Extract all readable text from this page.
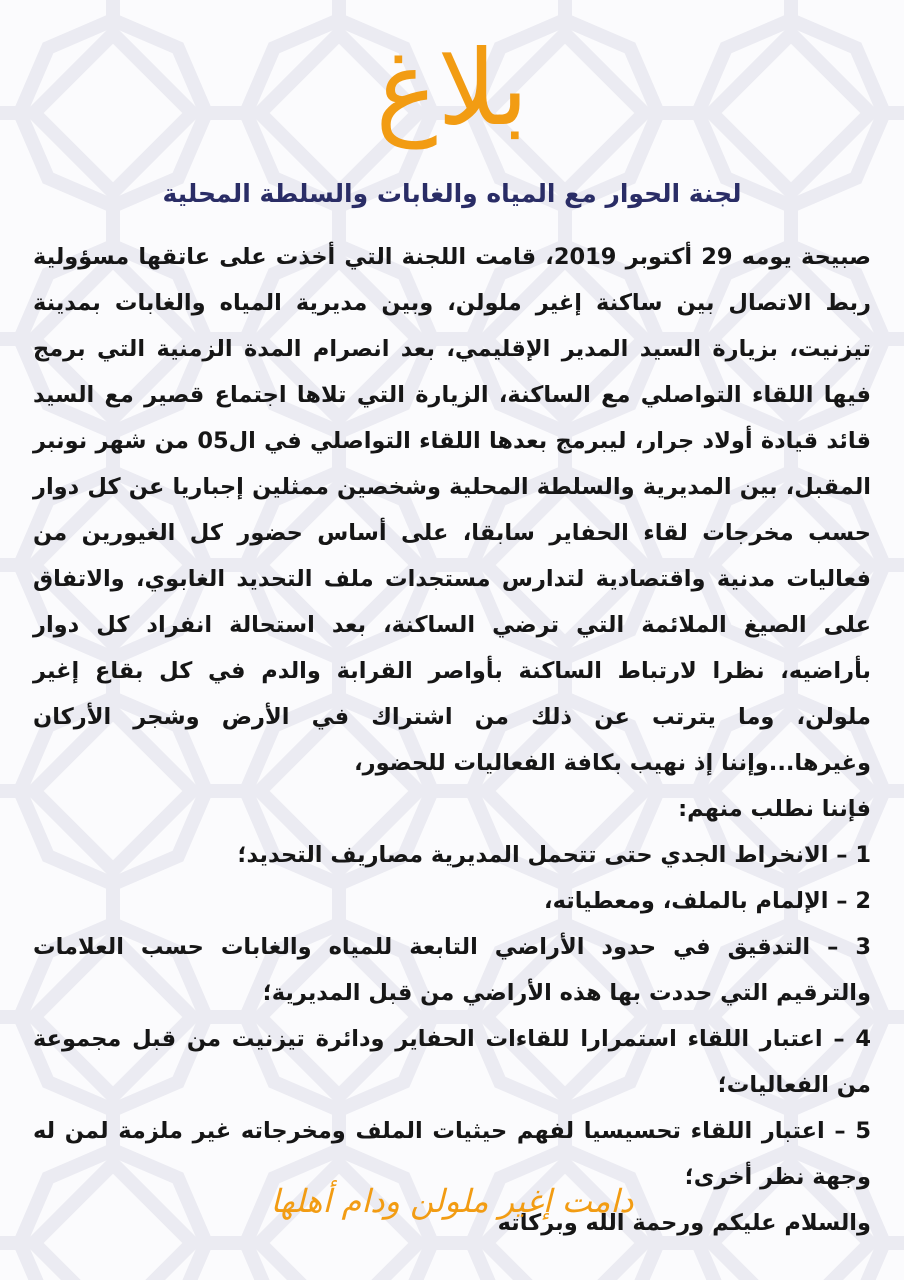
بلاغ
لجنة الحوار مع المياه والغابات والسلطة المحلية

صبيحة يومه 29 أكتوبر 2019، قامت اللجنة التي أخذت على عاتقها مسؤولية ربط الاتصال بين ساكنة إغير ملولن، وبين مديرية المياه والغابات بمدينة تيزنيت، بزيارة السيد المدير الإقليمي، بعد انصرام المدة الزمنية التي برمج فيها اللقاء التواصلي مع الساكنة، الزيارة التي تلاها اجتماع قصير مع السيد قائد قيادة أولاد جرار، ليبرمج بعدها اللقاء التواصلي في ال05 من شهر نونبر المقبل، بين المديرية والسلطة المحلية وشخصين ممثلين إجباريا عن كل دوار حسب مخرجات لقاء الحفاير سابقا، على أساس حضور كل الغيورين من فعاليات مدنية واقتصادية لتدارس مستجدات ملف التحديد الغابوي، والاتفاق على الصيغ الملائمة التي ترضي الساكنة، بعد استحالة انفراد كل دوار بأراضيه، نظرا لارتباط الساكنة بأواصر القرابة والدم في كل بقاع إغير ملولن، وما يترتب عن ذلك من اشتراك في الأرض وشجر الأركان وغيرها...وإننا إذ نهيب بكافة الفعاليات للحضور،

فإننا نطلب منهم:

1 – الانخراط الجدي حتى تتحمل المديرية مصاريف التحديد؛

2 – الإلمام بالملف، ومعطياته،

3 – التدقيق في حدود الأراضي التابعة للمياه والغابات حسب العلامات والترقيم التي حددت بها هذه الأراضي من قبل المديرية؛

4 – اعتبار اللقاء استمرارا للقاءات الحفاير ودائرة تيزنيت من قبل مجموعة من الفعاليات؛

5 – اعتبار اللقاء تحسيسيا لفهم حيثيات الملف ومخرجاته غير ملزمة لمن له وجهة نظر أخرى؛

والسلام عليكم ورحمة الله وبركاته

دامت إغير ملولن ودام أهلها
